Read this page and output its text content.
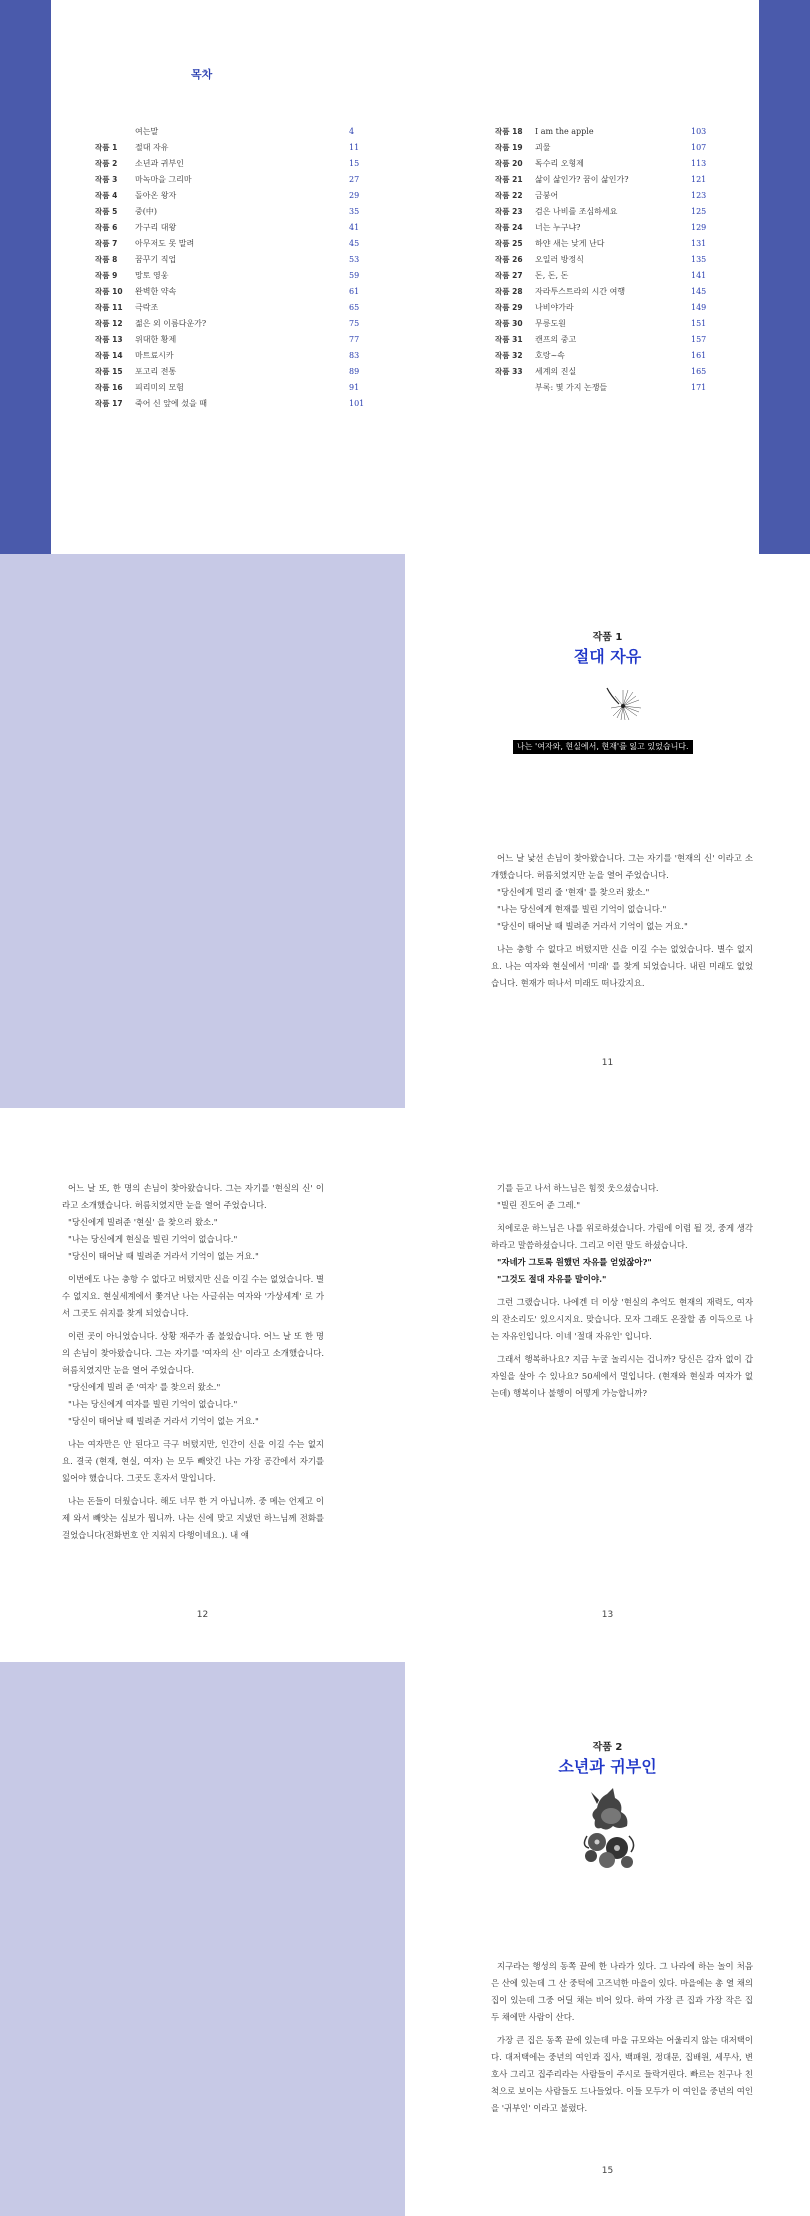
목차
여는말	4
작품 1 절대 자유	11
작품 2 소년과 귀부인	15
작품 3 마녹마을 그리마	27
작품 4 돌아온 왕자	29
작품 5 중(中)	35
작품 6 가구리 대왕	41
작품 7 아무저도 못 말려	45
작품 8 꿈꾸기 직업	53
작품 9 망토 영웅	59
작품 10 완벽한 약속	61
작품 11 극락조	65
작품 12 젊은 외 이름다운가?	75
작품 13 위대한 황제	77
작품 14 마트료시카	83
작품 15 포고리 전통	89
작품 16 피리미의 모험	91
작품 17 죽어 신 앞에 섰을 때	101
작품 18 I am the apple	103
작품 19 괴물	107
작품 20 독수리 오형제	113
작품 21 삶이 삶인가? 꿈이 삶인가?	121
작품 22 금붕어	123
작품 23 검은 나비를 조심하세요	125
작품 24 너는 누구냐?	129
작품 25 하얀 새는 낮게 난다	131
작품 26 오일러 방정식	135
작품 27 돈, 돈, 돈	141
작품 28 자라투스트라의 시간 여행	145
작품 29 나비야가라	149
작품 30 무릉도원	151
작품 31 캔프의 중고	157
작품 32 호랑~속	161
작품 33 세계의 진실	165
부록: 몇 가지 논쟁들	171
작품 1
절대 자유
나는 '여자와, 현실에서, 현재'를 잃고 있었습니다.

어느 날 낯선 손님이 찾아왔습니다. 그는 자기를 '현재의 신' 이라고 소개했습니다. 허름치였지만 눈을 열어 주었습니다.

"당신에게 멀리 줄 '현재' 를 찾으러 왔소."

"나는 당신에게 현재를 빌린 기억이 없습니다."

"당신이 태어날 때 빌려준 거라서 기억이 없는 거요."

나는 충항 수 없다고 버텼지만 신을 이길 수는 없었습니다. 별수 없지요. 나는 여자와 현실에서 '미래' 를 찾게 되었습니다. 내린 미래도 없었습니다. 현재가 떠나서 미래도 떠나갔지요.

11

어느 날 또, 한 명의 손님이 찾아왔습니다. 그는 자기를 '현실의 신' 이라고 소개했습니다. 허름치였지만 눈을 열어 주었습니다.

"당신에게 빌려준 '현실' 을 찾으러 왔소."

"나는 당신에게 현실을 빌린 기억이 없습니다."

"당신이 태어날 때 빌려준 거라서 기억이 없는 거요."

이번에도 나는 충항 수 없다고 버텼지만 신을 이길 수는 없었습니다. 별수 없지요. 현실세계에서 쫓겨난 나는 사글쉬는 여자와 '가상세계' 로 가서 그곳도 쉬지를 찾게 되었습니다.

이런 곳이 아니었습니다. 상황 재주가 좀 불었습니다. 어느 날 또 한 명의 손님이 찾아왔습니다. 그는 자기를 '여자의 신' 이라고 소개했습니다. 허름치였지만 눈을 열어 주었습니다.

"당신에게 빌려 준 '여자' 를 찾으러 왔소."

"나는 당신에게 여자를 빌린 기억이 없습니다."

"당신이 태어날 때 빌려준 거라서 기억이 없는 거요."

나는 여자만은 안 된다고 극구 버텼지만, 인간이 신을 이길 수는 없지요. 결국 (현재, 현실, 여자) 는 모두 빼앗긴 나는 가장 공간에서 자기를 잃어야 했습니다. 그곳도 혼자서 말입니다.

나는 돈들이 더웠습니다. 해도 너무 한 거 아닙니까. 중 메는 언제고 이제 와서 빼앗는 심보가 뭡니까. 나는 신에 맞고 지냈던 하느님께 전화를 걸었습니다(전화번호 안 지워지 다행이네요.). 내 얘

12

기를 듣고 나서 하느님은 힘껏 웃으셨습니다.

"빌린 진도어 준 그레."

치에로운 하느님은 나를 위로하셨습니다. 가림에 이렴 될 것, 중게 생각하라고 말씀하셨습니다. 그리고 이런 말도 하셨습니다.

"자네가 그토록 원했던 자유를 얻었잖아?"

"그것도 절대 자유를 말이야."

그런 그랬습니다. 나에겐 더 이상 '현실의 추억도 현재의 재력도, 여자의 잔소리도' 있으시지요. 맞습니다. 모자 그래도 온잘할 좀 이득으로 나는 자유인입니다. 이네 '절대 자유인' 입니다.

그래서 행복하나요? 지금 누굴 놀리시는 겁니까? 당신은 감자 없이 갑자일을 살아 수 있나요? 50세에서 멀입니다. (현재와 현실과 여자가 없는데) 행복이나 불행이 어떻게 가능합니까?

13
작품 2
소년과 귀부인

지구라는 행성의 동쪽 끝에 한 나라가 있다. 그 나라에 하는 놀이 처음은 산에 있는데 그 산 중턱에 고즈넉한 마을이 있다. 마을에는 총 열 채의 집이 있는데 그중 어딜 채는 비어 있다. 하여 가장 큰 집과 가장 작은 집 두 채에만 사람이 산다.

가장 큰 집은 동쪽 끝에 있는데 마을 규모와는 어울리지 않는 대저택이다. 대저택에는 중년의 여인과 집사, 백패원, 정대문, 집배원, 세무사, 변호사 그리고 집주리라는 사람들이 주시로 들락거린다. 빠르는 친구나 친척으로 보이는 사람들도 드나들었다. 이들 모두가 이 여인을 중년의 여인을 '귀부인' 이라고 불렀다.

15
